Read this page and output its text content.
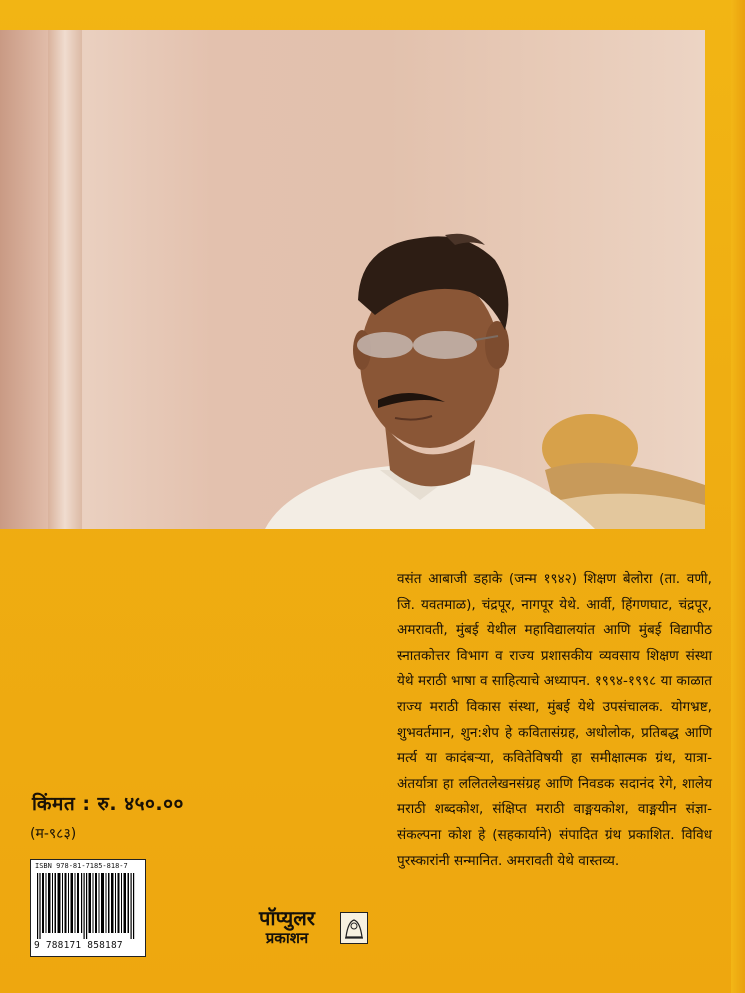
वसंत आबाजी डहाके (जन्म १९४२) शिक्षण बेलोरा (ता. वणी, जि. यवतमाळ), चंद्रपूर, नागपूर येथे. आर्वी, हिंगणघाट, चंद्रपूर, अमरावती, मुंबई येथील महाविद्यालयांत आणि मुंबई विद्यापीठ स्नातकोत्तर विभाग व राज्य प्रशासकीय व्यवसाय शिक्षण संस्था येथे मराठी भाषा व साहित्याचे अध्यापन. १९९४-१९९८ या काळात राज्य मराठी विकास संस्था, मुंबई येथे उपसंचालक. योगभ्रष्ट, शुभवर्तमान, शुन:शेप हे कवितासंग्रह, अधोलोक, प्रतिबद्ध आणि मर्त्य या कादंबऱ्या, कवितेविषयी हा समीक्षात्मक ग्रंथ, यात्रा-अंतर्यात्रा हा ललितलेखनसंग्रह आणि निवडक सदानंद रेगे, शालेय मराठी शब्दकोश, संक्षिप्त मराठी वाङ्मयकोश, वाङ्मयीन संज्ञा-संकल्पना कोश हे (सहकार्याने) संपादित ग्रंथ प्रकाशित. विविध पुरस्कारांनी सन्मानित. अमरावती येथे वास्तव्य.

किंमत : रु. ४५०.००
(म-९८३)
ISBN 978-81-7185-818-7
9 788171 858187
पॉप्युलर
प्रकाशन
